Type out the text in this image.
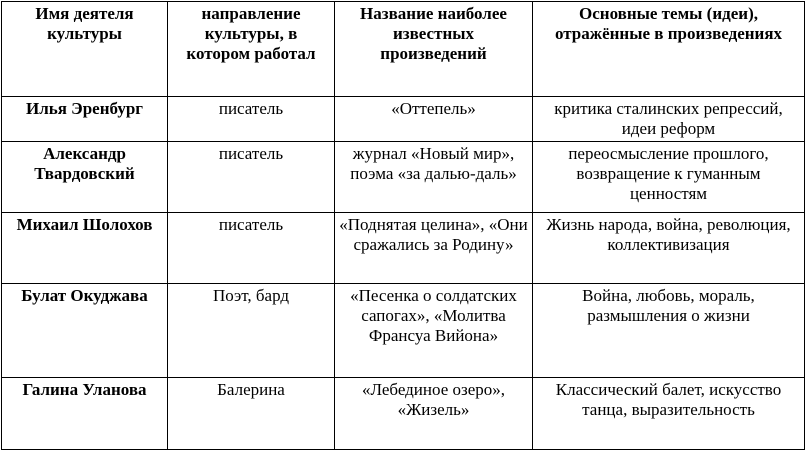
Имя деятеля культуры	направление культуры, в котором работал	Название наиболее известных произведений	Основные темы (идеи), отражённые в произведениях
Илья Эренбург	писатель	«Оттепель»	критика сталинских репрессий, идеи реформ
Александр Твардовский	писатель	журнал «Новый мир», поэма «за далью-даль»	переосмысление прошлого, возвращение к гуманным ценностям
Михаил Шолохов	писатель	«Поднятая целина», «Они сражались за Родину»	Жизнь народа, война, революция, коллективизация
Булат Окуджава	Поэт, бард	«Песенка о солдатских сапогах», «Молитва Франсуа Вийона»	Война, любовь, мораль, размышления о жизни
Галина Уланова	Балерина	«Лебединое озеро», «Жизель»	Классический балет, искусство танца, выразительность
